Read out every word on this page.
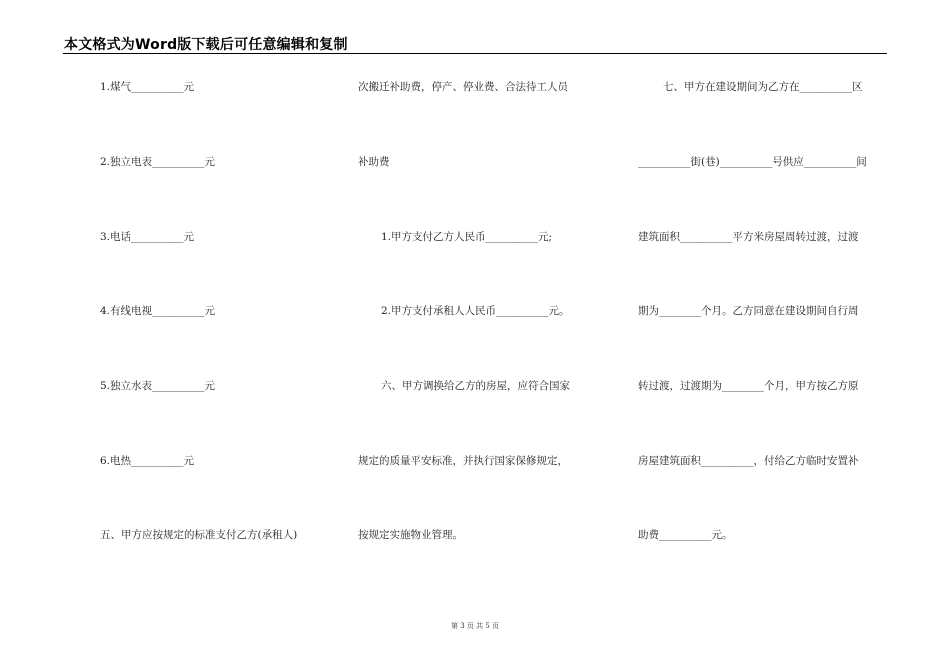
本文格式为Word版下载后可任意编辑和复制
1.煤气__________元
2.独立电表__________元
3.电话__________元
4.有线电视__________元
5.独立水表__________元
6.电热__________元
五、甲方应按规定的标准支付乙方(承租人)
次搬迁补助费，停产、停业费、合法待工人员
补助费
1.甲方支付乙方人民币__________元;
2.甲方支付承租人人民币__________元。
六、甲方调换给乙方的房屋，应符合国家
规定的质量平安标准，并执行国家保修规定，
按规定实施物业管理。
七、甲方在建设期间为乙方在__________区
__________街(巷)__________号供应__________间
建筑面积__________平方米房屋周转过渡，过渡
期为________个月。乙方同意在建设期间自行周
转过渡，过渡期为________个月，甲方按乙方原
房屋建筑面积__________，付给乙方临时安置补
助费__________元。
第 3 页 共 5 页
